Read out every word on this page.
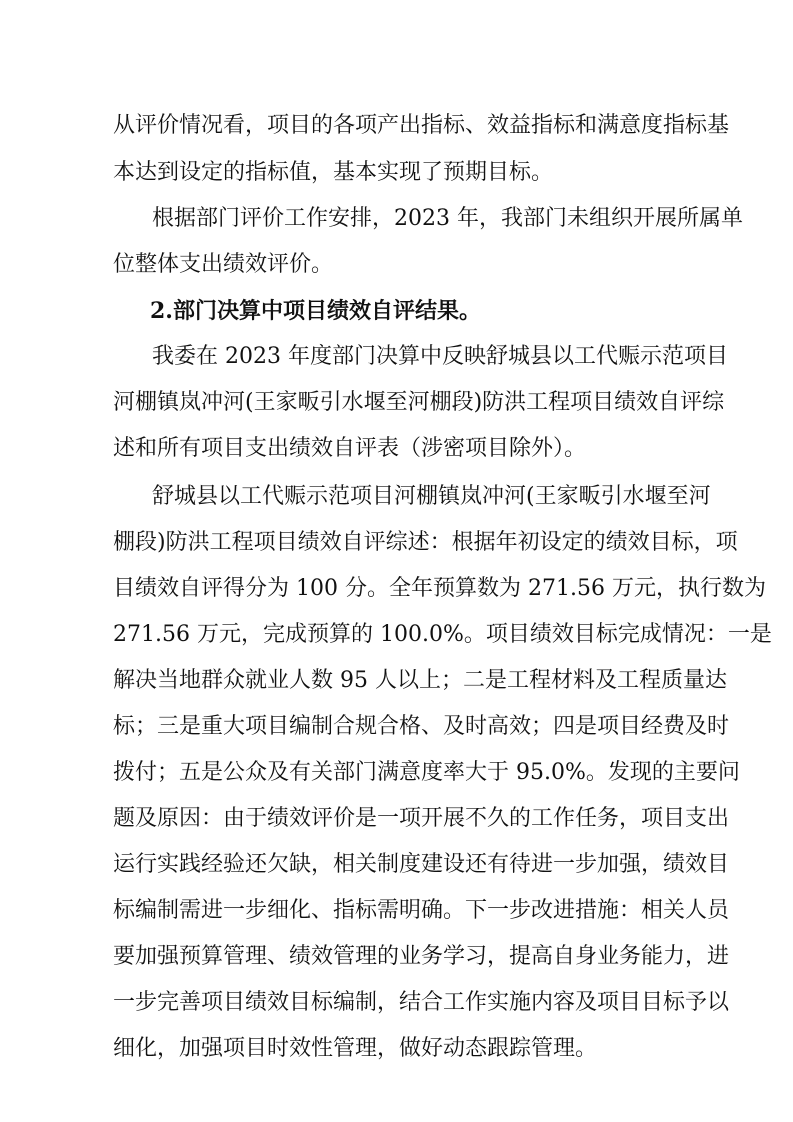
从评价情况看，项目的各项产出指标、效益指标和满意度指标基
本达到设定的指标值，基本实现了预期目标。
根据部门评价工作安排，2023 年，我部门未组织开展所属单
位整体支出绩效评价。
2.部门决算中项目绩效自评结果。
我委在 2023 年度部门决算中反映舒城县以工代赈示范项目
河棚镇岚冲河(王家畈引水堰至河棚段)防洪工程项目绩效自评综
述和所有项目支出绩效自评表（涉密项目除外）。
舒城县以工代赈示范项目河棚镇岚冲河(王家畈引水堰至河
棚段)防洪工程项目绩效自评综述：根据年初设定的绩效目标，项
目绩效自评得分为 100 分。全年预算数为 271.56 万元，执行数为
271.56 万元，完成预算的 100.0%。项目绩效目标完成情况：一是
解决当地群众就业人数 95 人以上；二是工程材料及工程质量达
标；三是重大项目编制合规合格、及时高效；四是项目经费及时
拨付；五是公众及有关部门满意度率大于 95.0%。发现的主要问
题及原因：由于绩效评价是一项开展不久的工作任务，项目支出
运行实践经验还欠缺，相关制度建设还有待进一步加强，绩效目
标编制需进一步细化、指标需明确。下一步改进措施：相关人员
要加强预算管理、绩效管理的业务学习，提高自身业务能力，进
一步完善项目绩效目标编制，结合工作实施内容及项目目标予以
细化，加强项目时效性管理，做好动态跟踪管理。
